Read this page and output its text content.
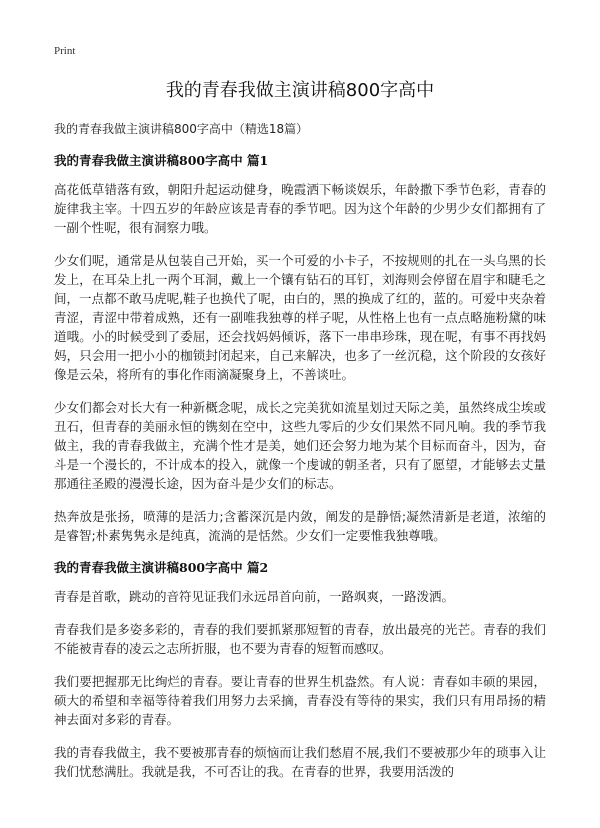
Print
我的青春我做主演讲稿800字高中
我的青春我做主演讲稿800字高中（精选18篇）
我的青春我做主演讲稿800字高中 篇1

高花低草错落有致，朝阳升起运动健身，晚霞洒下畅谈娱乐，年龄撒下季节色彩，青春的旋律我主宰。十四五岁的年龄应该是青春的季节吧。因为这个年龄的少男少女们都拥有了一副个性呢，很有洞察力哦。

少女们呢，通常是从包装自己开始，买一个可爱的小卡子，不按规则的扎在一头乌黑的长发上，在耳朵上扎一两个耳洞，戴上一个镶有钻石的耳钉，刘海则会停留在眉宇和睫毛之间，一点都不敢马虎呢,鞋子也换代了呢，由白的，黑的换成了红的，蓝的。可爱中夹杂着青涩，青涩中带着成熟，还有一副唯我独尊的样子呢，从性格上也有一点点略施粉黛的味道哦。小的时候受到了委屈，还会找妈妈倾诉，落下一串串珍珠，现在呢，有事不再找妈妈，只会用一把小小的枷锁封闭起来，自己来解决，也多了一丝沉稳，这个阶段的女孩好像是云朵，将所有的事化作雨滴凝聚身上，不善谈吐。

少女们都会对长大有一种新概念呢，成长之完美犹如流星划过天际之美，虽然终成尘埃或丑石，但青春的美丽永恒的镌刻在空中，这些九零后的少女们果然不同凡响。我的季节我做主，我的青春我做主，充满个性才是美，她们还会努力地为某个目标而奋斗，因为，奋斗是一个漫长的，不计成本的投入，就像一个虔诚的朝圣者，只有了愿望，才能够去丈量那通往圣殿的漫漫长途，因为奋斗是少女们的标志。

热奔放是张扬，喷薄的是活力;含蓄深沉是内敛，阐发的是静悟;凝然清新是老道，浓缩的是睿智;朴素隽隽永是纯真，流淌的是恬然。少女们一定要惟我独尊哦。

我的青春我做主演讲稿800字高中 篇2

青春是首歌，跳动的音符见证我们永远昂首向前，一路飒爽，一路泼洒。

青春我们是多姿多彩的，青春的我们要抓紧那短暂的青春，放出最亮的光芒。青春的我们不能被青春的凌云之志所折服，也不要为青春的短暂而感叹。

我们要把握那无比绚烂的青春。要让青春的世界生机盎然。有人说：青春如丰硕的果园，硕大的希望和幸福等待着我们用努力去采摘，青春没有等待的果实，我们只有用昂扬的精神去面对多彩的青春。

我的青春我做主，我不要被那青春的烦恼而让我们愁眉不展,我们不要被那少年的琐事入让我们忧愁满肚。我就是我，不可否让的我。在青春的世界，我要用活泼的
